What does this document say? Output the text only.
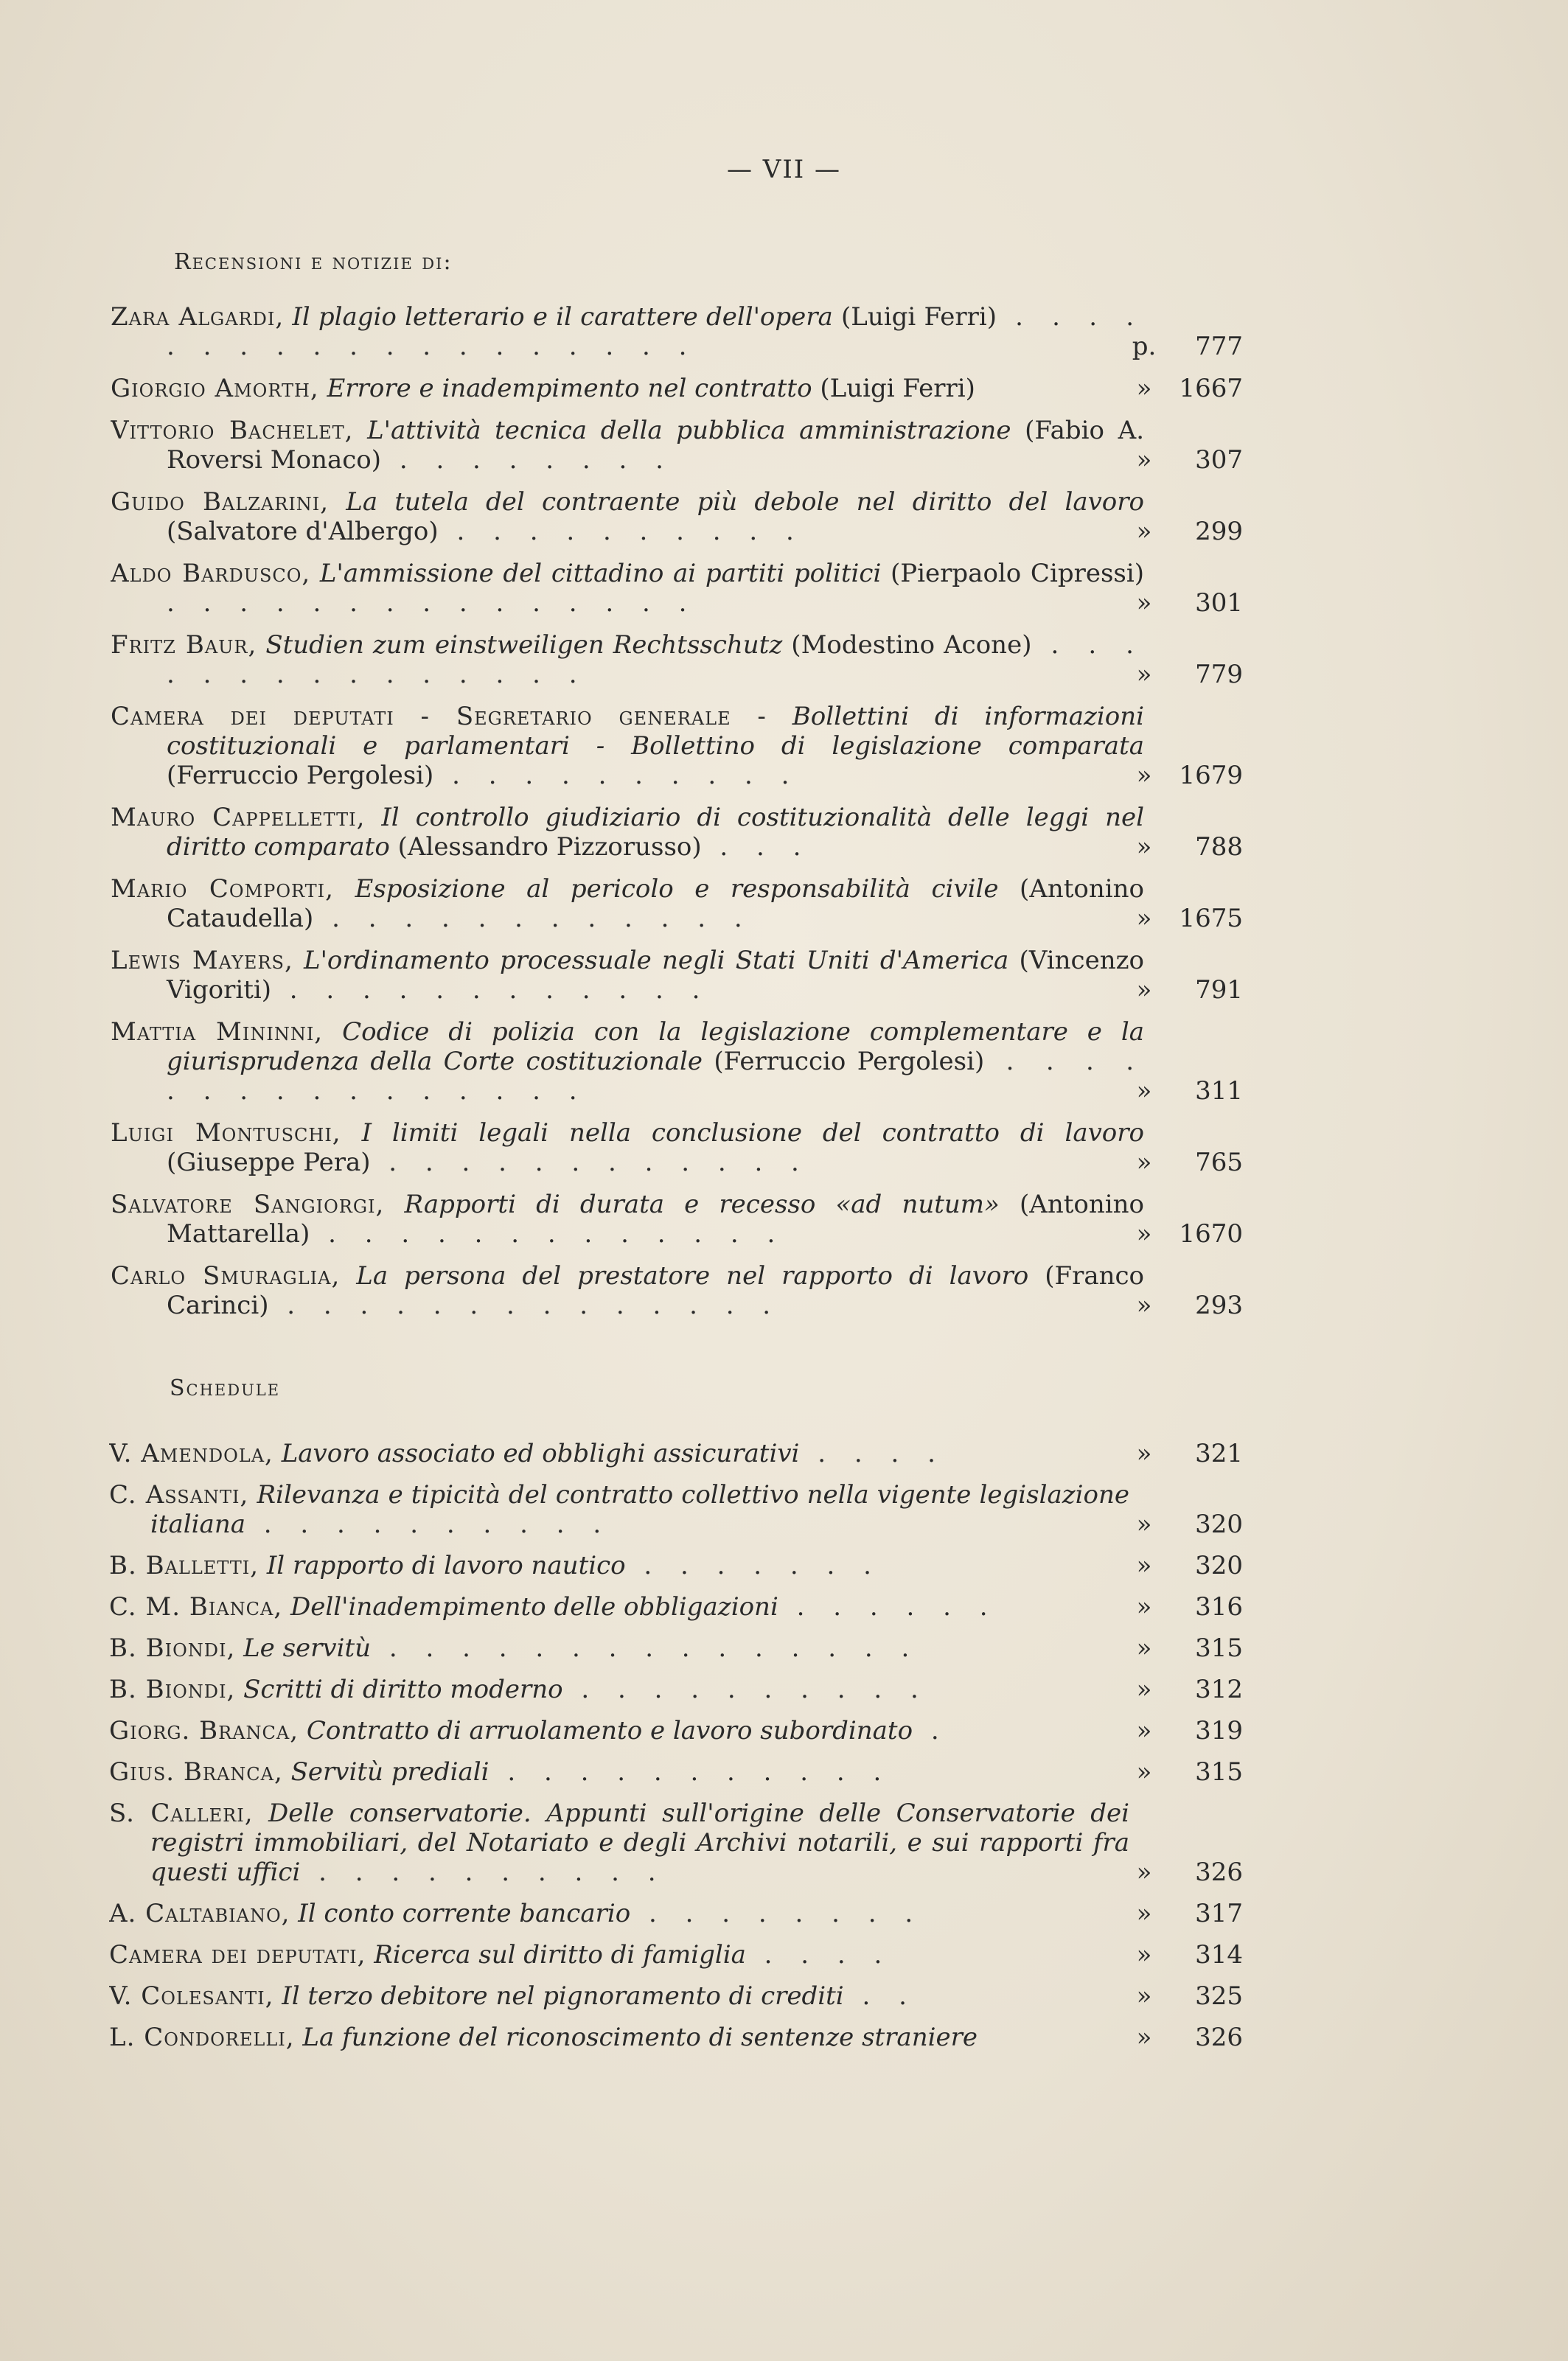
— VII —
Recensioni e notizie di:
Zara Algardi, Il plagio letterario e il carattere dell'opera (Luigi Ferri) . . . . . . . . . . . . . . . . . . .	p.	777
Giorgio Amorth, Errore e inadempimento nel contratto (Luigi Ferri)	»	1667
Vittorio Bachelet, L'attività tecnica della pubblica amministrazione (Fabio A. Roversi Monaco) . . . . . . . .	»	307
Guido Balzarini, La tutela del contraente più debole nel diritto del lavoro (Salvatore d'Albergo) . . . . . . . . . .	»	299
Aldo Bardusco, L'ammissione del cittadino ai partiti politici (Pierpaolo Cipressi) . . . . . . . . . . . . . . .	»	301
Fritz Baur, Studien zum einstweiligen Rechtsschutz (Modestino Acone) . . . . . . . . . . . . . . .	»	779
Camera dei deputati - Segretario generale - Bollettini di informazioni costituzionali e parlamentari - Bollettino di legislazione comparata (Ferruccio Pergolesi) . . . . . . . . . .	»	1679
Mauro Cappelletti, Il controllo giudiziario di costituzionalità delle leggi nel diritto comparato (Alessandro Pizzorusso) . . .	»	788
Mario Comporti, Esposizione al pericolo e responsabilità civile (Antonino Cataudella) . . . . . . . . . . . .	»	1675
Lewis Mayers, L'ordinamento processuale negli Stati Uniti d'America (Vincenzo Vigoriti) . . . . . . . . . . . .	»	791
Mattia Mininni, Codice di polizia con la legislazione complementare e la giurisprudenza della Corte costituzionale (Ferruccio Pergolesi) . . . . . . . . . . . . . . . .	»	311
Luigi Montuschi, I limiti legali nella conclusione del contratto di lavoro (Giuseppe Pera) . . . . . . . . . . . .	»	765
Salvatore Sangiorgi, Rapporti di durata e recesso «ad nutum» (Antonino Mattarella) . . . . . . . . . . . . .	»	1670
Carlo Smuraglia, La persona del prestatore nel rapporto di lavoro (Franco Carinci) . . . . . . . . . . . . . .	»	293
Schedule
V. Amendola, Lavoro associato ed obblighi assicurativi . . . .	»	321
C. Assanti, Rilevanza e tipicità del contratto collettivo nella vigente legislazione italiana . . . . . . . . . .	»	320
B. Balletti, Il rapporto di lavoro nautico . . . . . . .	»	320
C. M. Bianca, Dell'inadempimento delle obbligazioni . . . . . .	»	316
B. Biondi, Le servitù . . . . . . . . . . . . . . .	»	315
B. Biondi, Scritti di diritto moderno . . . . . . . . . .	»	312
Giorg. Branca, Contratto di arruolamento e lavoro subordinato .	»	319
Gius. Branca, Servitù prediali . . . . . . . . . . .	»	315
S. Calleri, Delle conservatorie. Appunti sull'origine delle Conservatorie dei registri immobiliari, del Notariato e degli Archivi notarili, e sui rapporti fra questi uffici . . . . . . . . . .	»	326
A. Caltabiano, Il conto corrente bancario . . . . . . . .	»	317
Camera dei deputati, Ricerca sul diritto di famiglia . . . .	»	314
V. Colesanti, Il terzo debitore nel pignoramento di crediti . .	»	325
L. Condorelli, La funzione del riconoscimento di sentenze straniere	»	326
